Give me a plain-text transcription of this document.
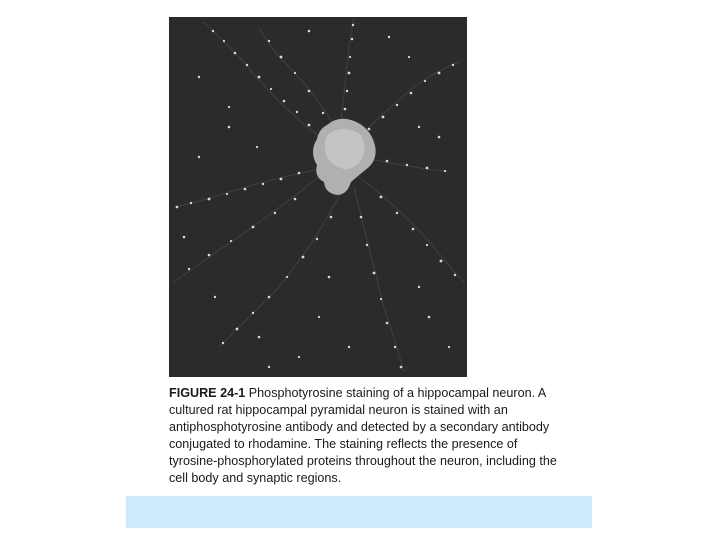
FIGURE 24-1 Phosphotyrosine staining of a hippocampal neuron. A cultured rat hippocampal pyramidal neuron is stained with an antiphosphotyrosine antibody and detected by a secondary antibody conjugated to rhodamine. The staining reflects the presence of tyrosine-phosphorylated proteins throughout the neuron, including the cell body and synaptic regions.
